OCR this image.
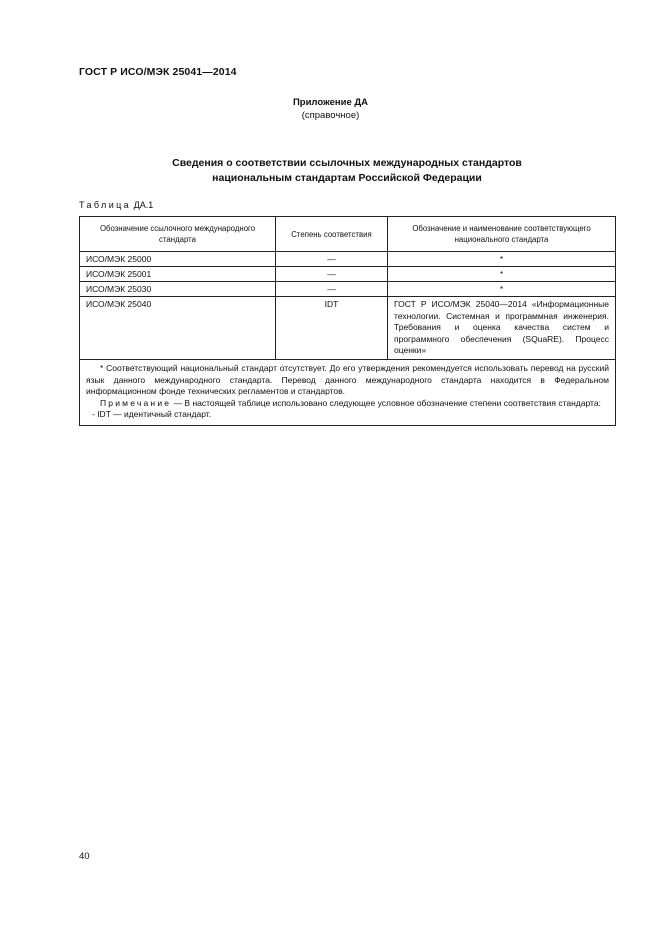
ГОСТ Р ИСО/МЭК 25041—2014
Приложение ДА
(справочное)
Сведения о соответствии ссылочных международных стандартов
национальным стандартам Российской Федерации
Таблица ДА.1
Обозначение ссылочного международного стандарта	Степень соответствия	Обозначение и наименование соответствующего национального стандарта
ИСО/МЭК 25000	—	*
ИСО/МЭК 25001	—	*
ИСО/МЭК 25030	—	*
ИСО/МЭК 25040	IDT	ГОСТ Р ИСО/МЭК 25040—2014 «Информационные технологии. Системная и программная инженерия. Требования и оценка качества систем и программного обеспечения (SQuaRE). Процесс оценки»

* Соответствующий национальный стандарт отсутствует. До его утверждения рекомендуется использовать перевод на русский язык данного международного стандарта. Перевод данного международного стандарта находится в Федеральном информационном фонде технических регламентов и стандартов.
Примечание — В настоящей таблице использовано следующее условное обозначение степени соответствия стандарта:
- IDT — идентичный стандарт.		
40
